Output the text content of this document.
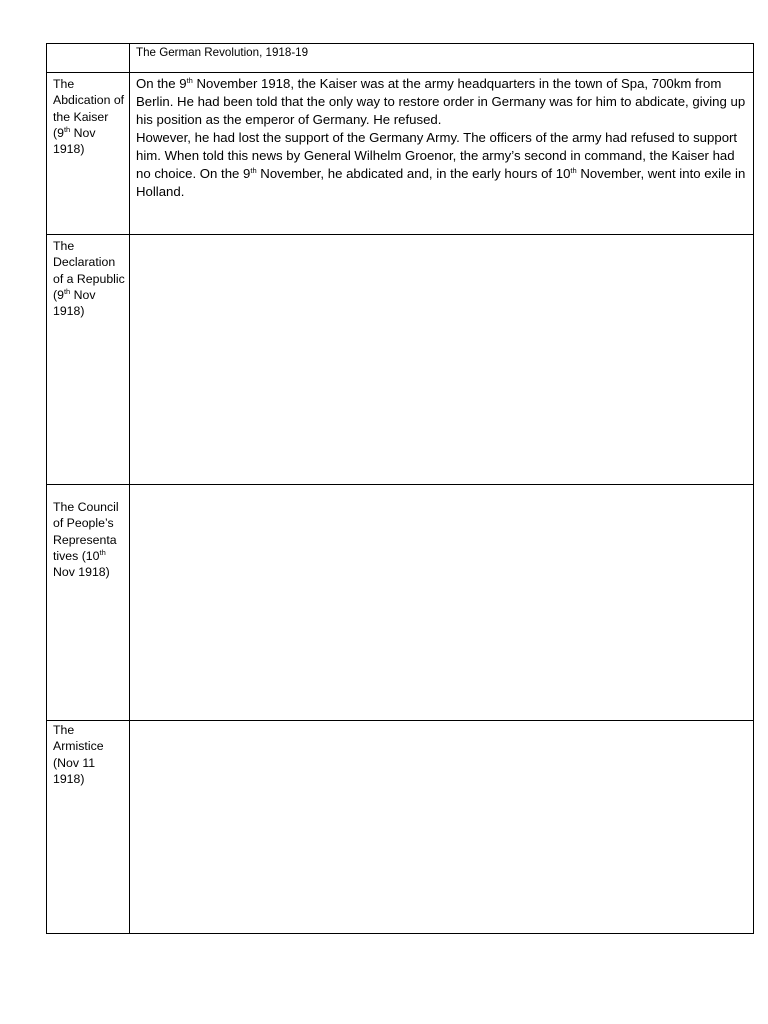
	The German Revolution, 1918-19
The Abdication of the Kaiser (9th Nov 1918)	On the 9th November 1918, the Kaiser was at the army headquarters in the town of Spa, 700km from Berlin. He had been told that the only way to restore order in Germany was for him to abdicate, giving up his position as the emperor of Germany. He refused.

However, he had lost the support of the Germany Army. The officers of the army had refused to support him. When told this news by General Wilhelm Groenor, the army’s second in command, the Kaiser had no choice. On the 9th November, he abdicated and, in the early hours of 10th November, went into exile in Holland.

The Declaration of a Republic (9th Nov 1918)	
The Council of People’s Representa tives (10th Nov 1918)	
The Armistice (Nov 11 1918)	
